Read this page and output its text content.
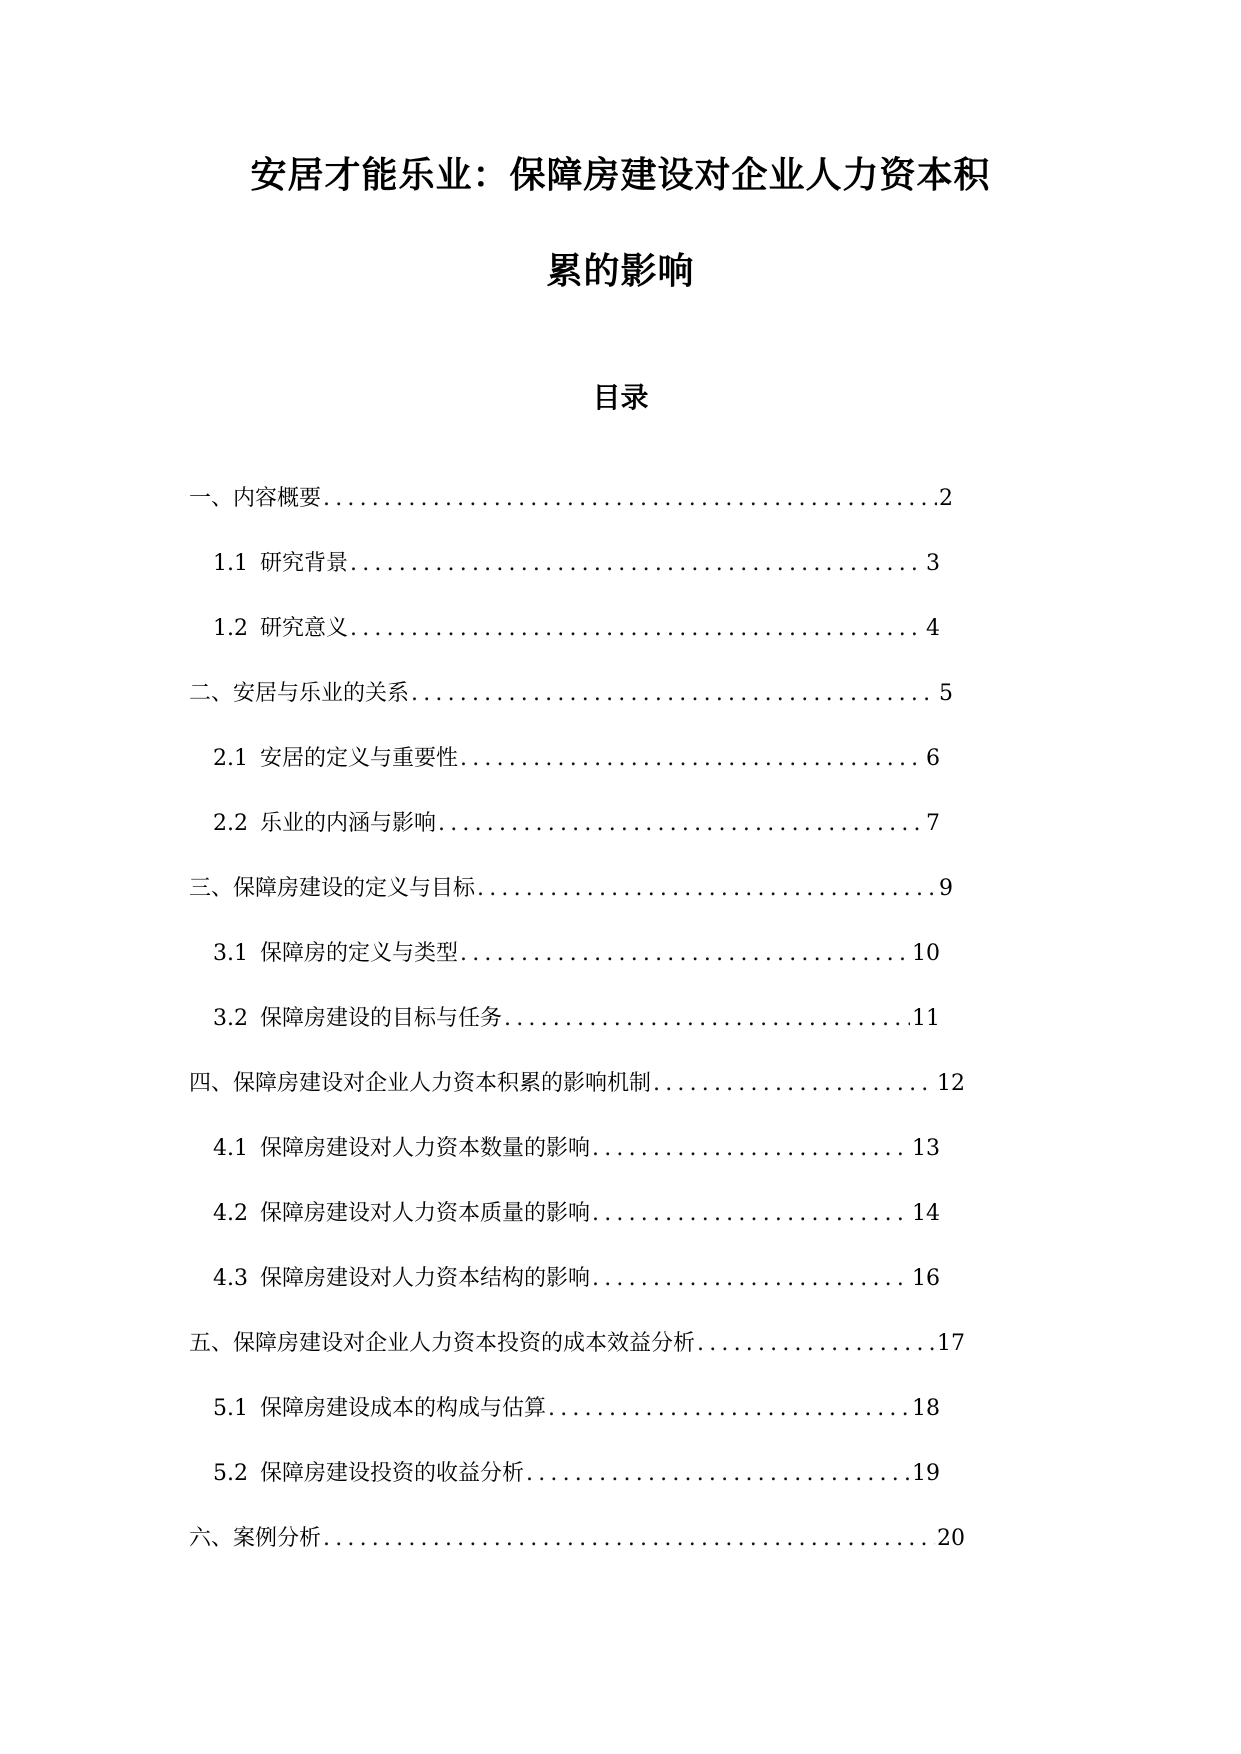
安居才能乐业：保障房建设对企业人力资本积
累的影响
目录
一、内容概要 .....	2
1.1 研究背景 .....	3
1.2 研究意义 .....	4
二、安居与乐业的关系 .....	5
2.1 安居的定义与重要性 .....	6
2.2 乐业的内涵与影响 .....	7
三、保障房建设的定义与目标 .....	9
3.1 保障房的定义与类型 .....	10
3.2 保障房建设的目标与任务 .....	11
四、保障房建设对企业人力资本积累的影响机制 .....	12
4.1 保障房建设对人力资本数量的影响 .....	13
4.2 保障房建设对人力资本质量的影响 .....	14
4.3 保障房建设对人力资本结构的影响 .....	16
五、保障房建设对企业人力资本投资的成本效益分析 .....	17
5.1 保障房建设成本的构成与估算 .....	18
5.2 保障房建设投资的收益分析 .....	19
六、案例分析 .....	20
